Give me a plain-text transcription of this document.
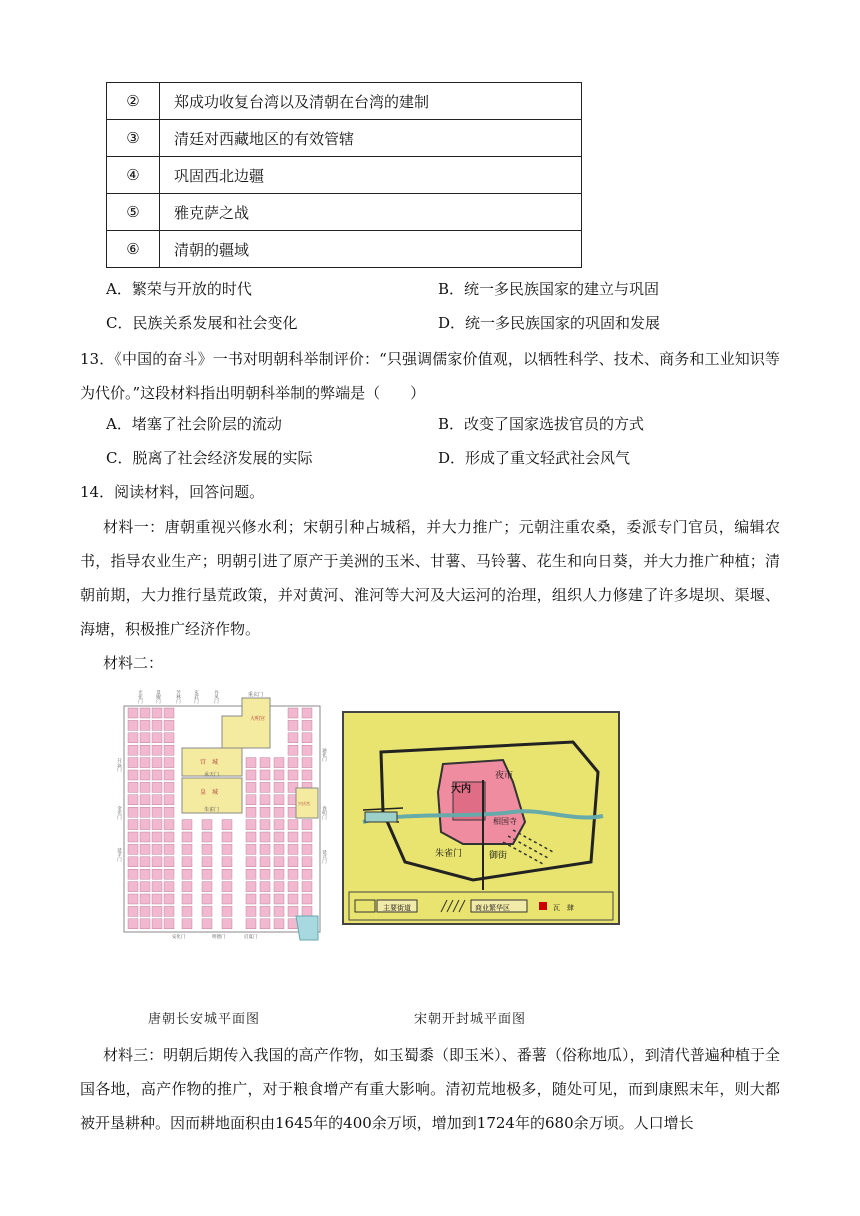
②	郑成功收复台湾以及清朝在台湾的建制
③	清廷对西藏地区的有效管辖
④	巩固西北边疆
⑤	雅克萨之战
⑥	清朝的疆域
A．繁荣与开放的时代	B．统一多民族国家的建立与巩固
C．民族关系发展和社会变化	D．统一多民族国家的巩固和发展
13．《中国的奋斗》一书对明朝科举制评价：“只强调儒家价值观，以牺牲科学、技术、商务和工业知识等为代价。”这段材料指出明朝科举制的弊端是（　　）
A．堵塞了社会阶层的流动	B．改变了国家选拔官员的方式
C．脱离了社会经济发展的实际	D．形成了重文轻武社会风气
14．阅读材料，回答问题。
材料一：唐朝重视兴修水利；宋朝引种占城稻，并大力推广；元朝注重农桑，委派专门官员，编辑农书，指导农业生产；明朝引进了原产于美洲的玉米、甘薯、马铃薯、花生和向日葵，并大力推广种植；清朝前期，大力推行垦荒政策，并对黄河、淮河等大河及大运河的治理，组织人力修建了许多堤坝、渠堰、海塘，积极推广经济作物。
材料二：
宫　城
皇　城
承天门
朱雀门
大明宫
重玄门
兴庆宫
安化门	明德门	启夏门
光化门	景曜门	芳林门	玄武门	丹凤门
开远门
金光门
延平门
通化门
春明门
延兴门
大内
夜市
相国寺
朱雀门	御街
主要街道	商业繁华区	瓦　肆
唐朝长安城平面图	宋朝开封城平面图
材料三：明朝后期传入我国的高产作物，如玉蜀黍（即玉米）、番薯（俗称地瓜），到清代普遍种植于全国各地，高产作物的推广，对于粮食增产有重大影响。清初荒地极多，随处可见，而到康熙末年，则大都被开垦耕种。因而耕地面积由1645年的400余万顷，增加到1724年的680余万顷。人口增长
